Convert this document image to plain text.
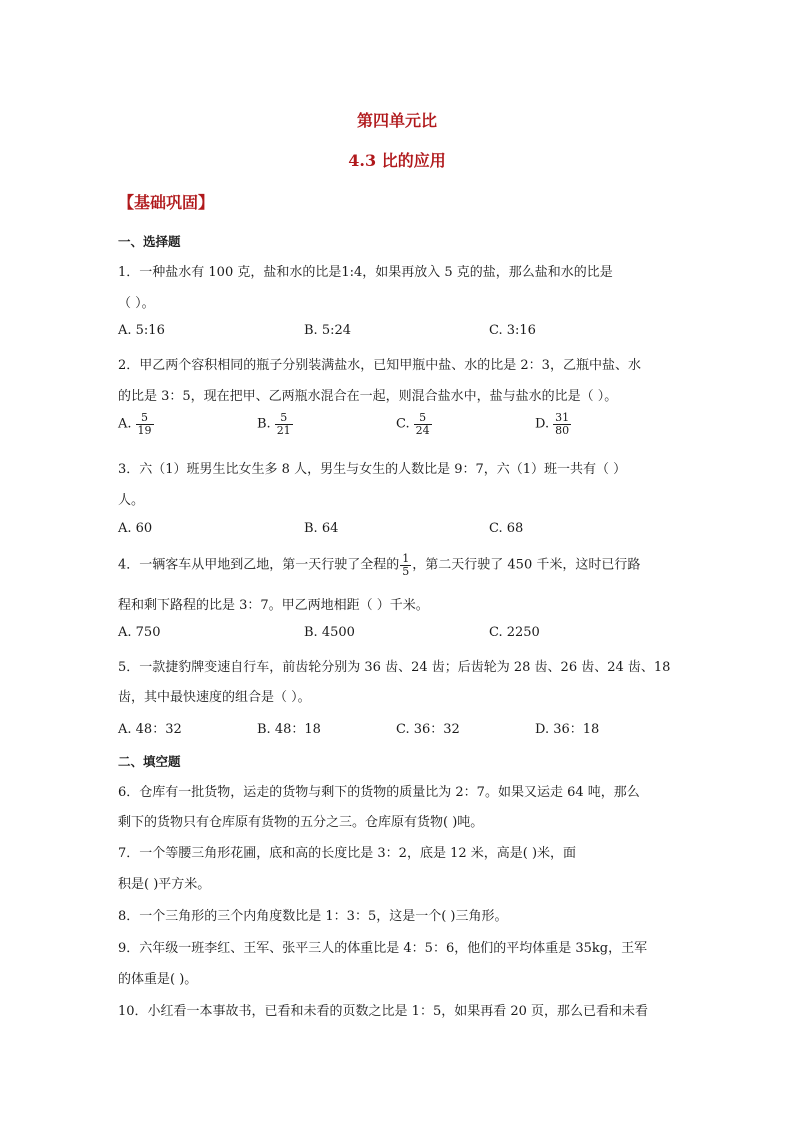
第四单元比
4.3 比的应用
【基础巩固】
一、选择题
1．一种盐水有 100 克，盐和水的比是1:4，如果再放入 5 克的盐，那么盐和水的比是
（ ）。
A. 5:16	B. 5:24	C. 3:16
2．甲乙两个容积相同的瓶子分别装满盐水，已知甲瓶中盐、水的比是 2：3，乙瓶中盐、水
的比是 3：5，现在把甲、乙两瓶水混合在一起，则混合盐水中，盐与盐水的比是（ ）。
A. $\frac{5}{19}$	B. $\frac{5}{21}$	C. $\frac{5}{24}$	D. $\frac{31}{80}$
3．六（1）班男生比女生多 8 人，男生与女生的人数比是 9：7，六（1）班一共有（ ）
人。
A. 60	B. 64	C. 68
4．一辆客车从甲地到乙地，第一天行驶了全程的 $\frac{1}{5}$ ，第二天行驶了 450 千米，这时已行路
程和剩下路程的比是 3：7。甲乙两地相距（ ）千米。
A. 750	B. 4500	C. 2250
5．一款捷豹牌变速自行车，前齿轮分别为 36 齿、24 齿；后齿轮为 28 齿、26 齿、24 齿、18
齿，其中最快速度的组合是（ ）。
A. 48：32	B. 48：18	C. 36：32	D. 36：18
二、填空题
6．仓库有一批货物，运走的货物与剩下的货物的质量比为 2：7。如果又运走 64 吨，那么
剩下的货物只有仓库原有货物的五分之三。仓库原有货物( )吨。
7．一个等腰三角形花圃，底和高的长度比是 3：2，底是 12 米，高是( )米，面
积是( )平方米。
8．一个三角形的三个内角度数比是 1：3：5，这是一个( )三角形。
9．六年级一班李红、王军、张平三人的体重比是 4：5：6，他们的平均体重是 35kg，王军
的体重是( )。
10．小红看一本事故书，已看和未看的页数之比是 1：5，如果再看 20 页，那么已看和未看
